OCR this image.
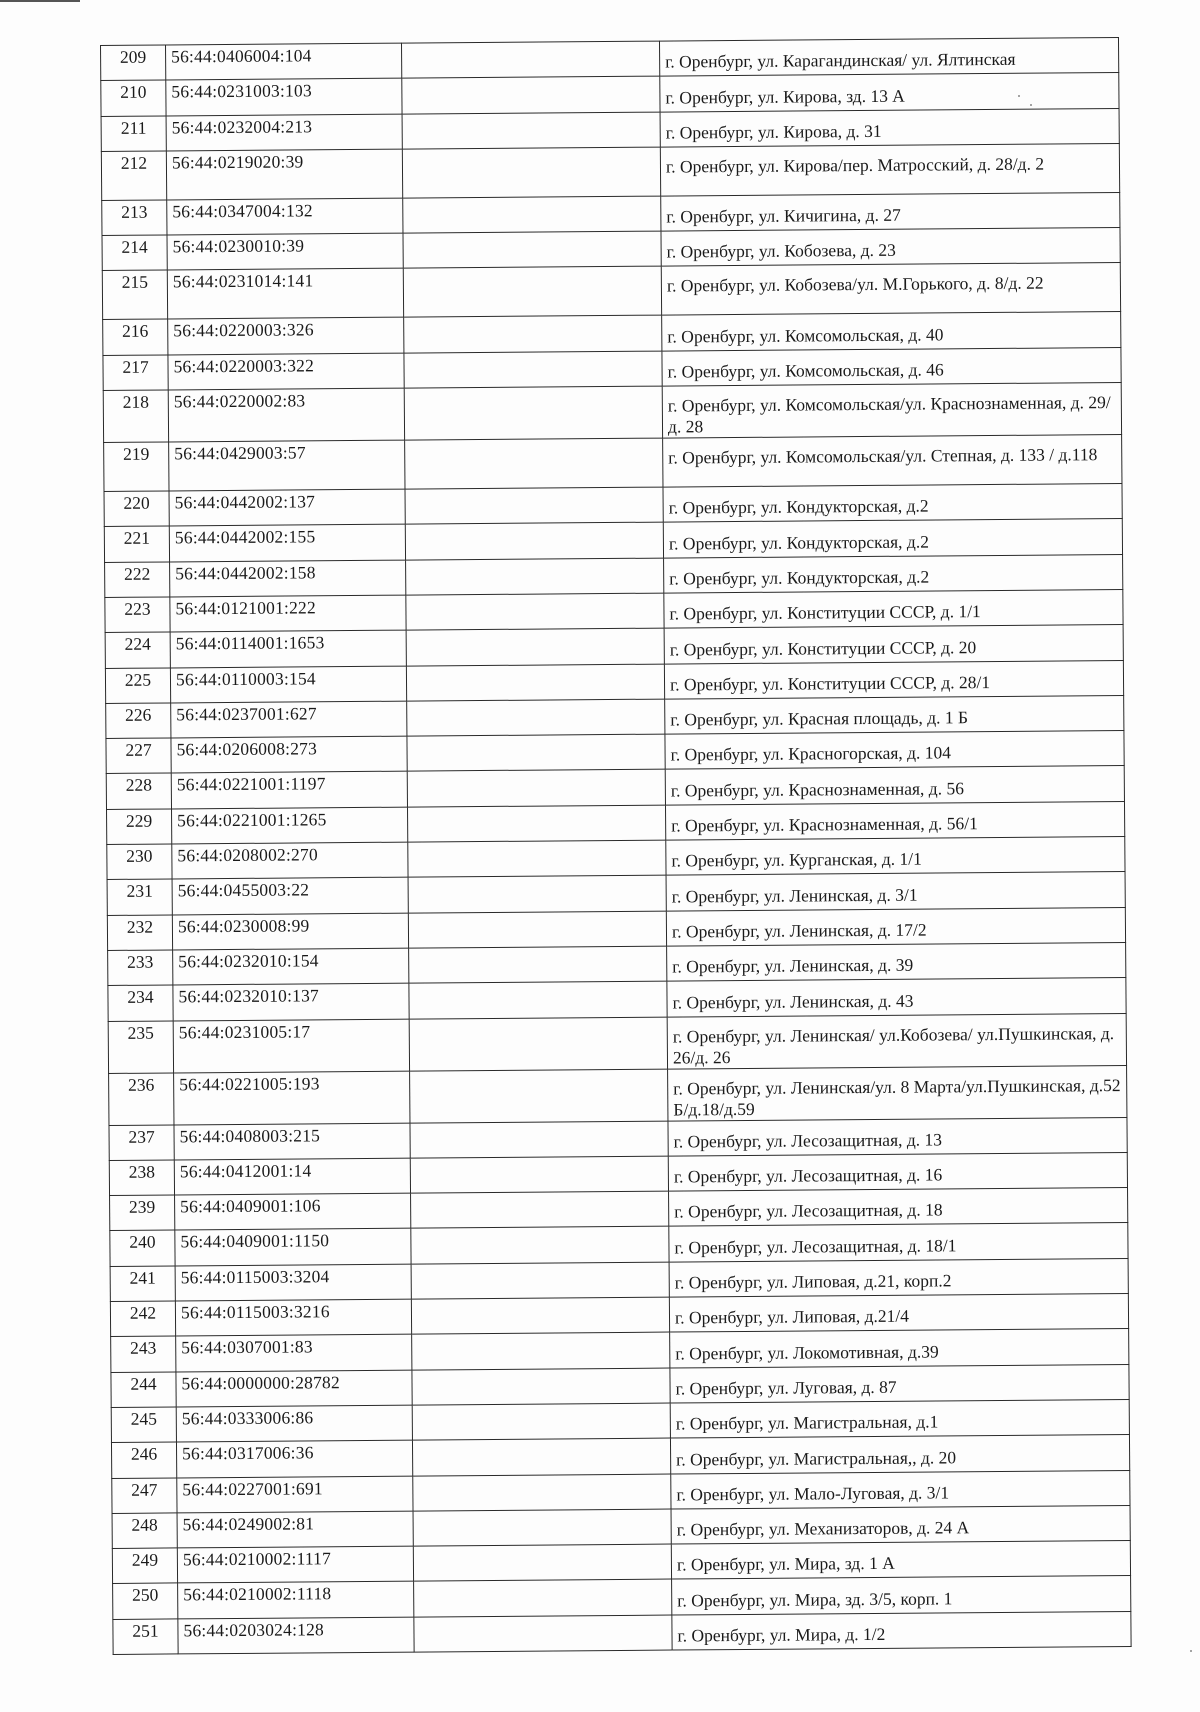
209	56:44:0406004:104		г. Оренбург, ул. Карагандинская/ ул. Ялтинская
210	56:44:0231003:103		г. Оренбург, ул. Кирова, зд. 13 А
211	56:44:0232004:213		г. Оренбург, ул. Кирова, д. 31
212	56:44:0219020:39		г. Оренбург, ул. Кирова/пер. Матросский, д. 28/д. 2
213	56:44:0347004:132		г. Оренбург, ул. Кичигина, д. 27
214	56:44:0230010:39		г. Оренбург, ул. Кобозева, д. 23
215	56:44:0231014:141		г. Оренбург, ул. Кобозева/ул. М.Горького, д. 8/д. 22
216	56:44:0220003:326		г. Оренбург, ул. Комсомольская, д. 40
217	56:44:0220003:322		г. Оренбург, ул. Комсомольская, д. 46
218	56:44:0220002:83		г. Оренбург, ул. Комсомольская/ул. Краснознаменная, д. 29/д. 28
219	56:44:0429003:57		г. Оренбург, ул. Комсомольская/ул. Степная, д. 133 / д.118
220	56:44:0442002:137		г. Оренбург, ул. Кондукторская, д.2
221	56:44:0442002:155		г. Оренбург, ул. Кондукторская, д.2
222	56:44:0442002:158		г. Оренбург, ул. Кондукторская, д.2
223	56:44:0121001:222		г. Оренбург, ул. Конституции СССР, д. 1/1
224	56:44:0114001:1653		г. Оренбург, ул. Конституции СССР, д. 20
225	56:44:0110003:154		г. Оренбург, ул. Конституции СССР, д. 28/1
226	56:44:0237001:627		г. Оренбург, ул. Красная площадь, д. 1 Б
227	56:44:0206008:273		г. Оренбург, ул. Красногорская, д. 104
228	56:44:0221001:1197		г. Оренбург, ул. Краснознаменная, д. 56
229	56:44:0221001:1265		г. Оренбург, ул. Краснознаменная, д. 56/1
230	56:44:0208002:270		г. Оренбург, ул. Курганская, д. 1/1
231	56:44:0455003:22		г. Оренбург, ул. Ленинская, д. 3/1
232	56:44:0230008:99		г. Оренбург, ул. Ленинская, д. 17/2
233	56:44:0232010:154		г. Оренбург, ул. Ленинская, д. 39
234	56:44:0232010:137		г. Оренбург, ул. Ленинская, д. 43
235	56:44:0231005:17		г. Оренбург, ул. Ленинская/ ул.Кобозева/ ул.Пушкинская, д. 26/д. 26
236	56:44:0221005:193		г. Оренбург, ул. Ленинская/ул. 8 Марта/ул.Пушкинская, д.52 Б/д.18/д.59
237	56:44:0408003:215		г. Оренбург, ул. Лесозащитная, д. 13
238	56:44:0412001:14		г. Оренбург, ул. Лесозащитная, д. 16
239	56:44:0409001:106		г. Оренбург, ул. Лесозащитная, д. 18
240	56:44:0409001:1150		г. Оренбург, ул. Лесозащитная, д. 18/1
241	56:44:0115003:3204		г. Оренбург, ул. Липовая, д.21, корп.2
242	56:44:0115003:3216		г. Оренбург, ул. Липовая, д.21/4
243	56:44:0307001:83		г. Оренбург, ул. Локомотивная, д.39
244	56:44:0000000:28782		г. Оренбург, ул. Луговая, д. 87
245	56:44:0333006:86		г. Оренбург, ул. Магистральная, д.1
246	56:44:0317006:36		г. Оренбург, ул. Магистральная,, д. 20
247	56:44:0227001:691		г. Оренбург, ул. Мало-Луговая, д. 3/1
248	56:44:0249002:81		г. Оренбург, ул. Механизаторов, д. 24 А
249	56:44:0210002:1117		г. Оренбург, ул. Мира, зд. 1 А
250	56:44:0210002:1118		г. Оренбург, ул. Мира, зд. 3/5, корп. 1
251	56:44:0203024:128		г. Оренбург, ул. Мира, д. 1/2
